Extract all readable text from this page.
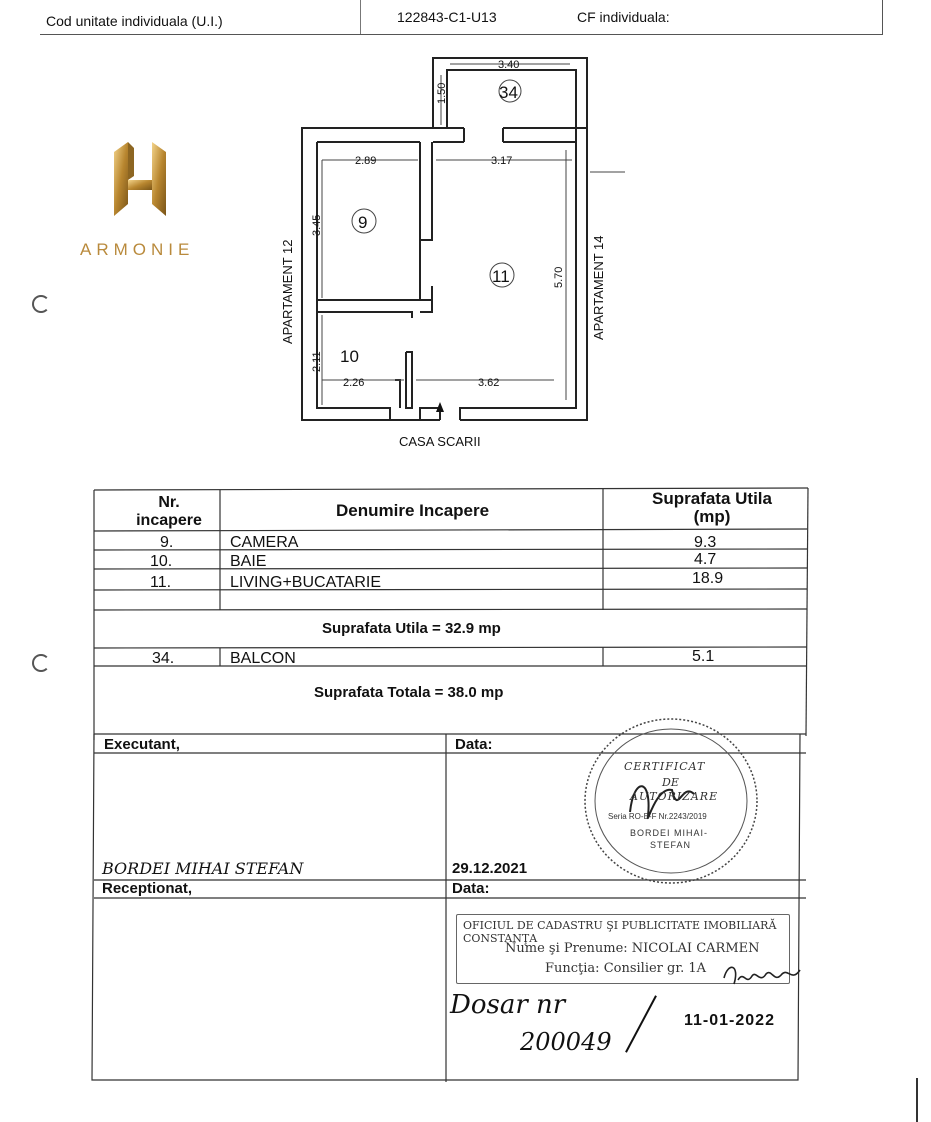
Cod unitate individuala (U.I.)	122843-C1-U13	CF individuala:
ARMONIE
3.40
1.50
2.89	3.17
3.45
5.70
2.11
2.26	3.62
34
9
11
10
APARTAMENT 12	APARTAMENT 14
CASA SCARII
Nr. incapere
Denumire Incapere
Suprafata Utila (mp)
9.	CAMERA	9.3
10.	BAIE	4.7
11.	LIVING+BUCATARIE	18.9
Suprafata Utila = 32.9 mp
34.	BALCON	5.1
Suprafata Totala = 38.0 mp
Executant,	Data:
BORDEI MIHAI STEFAN	29.12.2021
Receptionat,	Data:
CERTIFICAT
DE
AUTORIZARE
Seria RO-B-F Nr.2243/2019
BORDEI MIHAI-
STEFAN
OFICIUL DE CADASTRU ŞI PUBLICITATE IMOBILIARĂ CONSTANŢA
Nume şi Prenume: NICOLAI CARMEN
Funcţia: Consilier gr. 1A
Dosar nr
200049
11-01-2022
